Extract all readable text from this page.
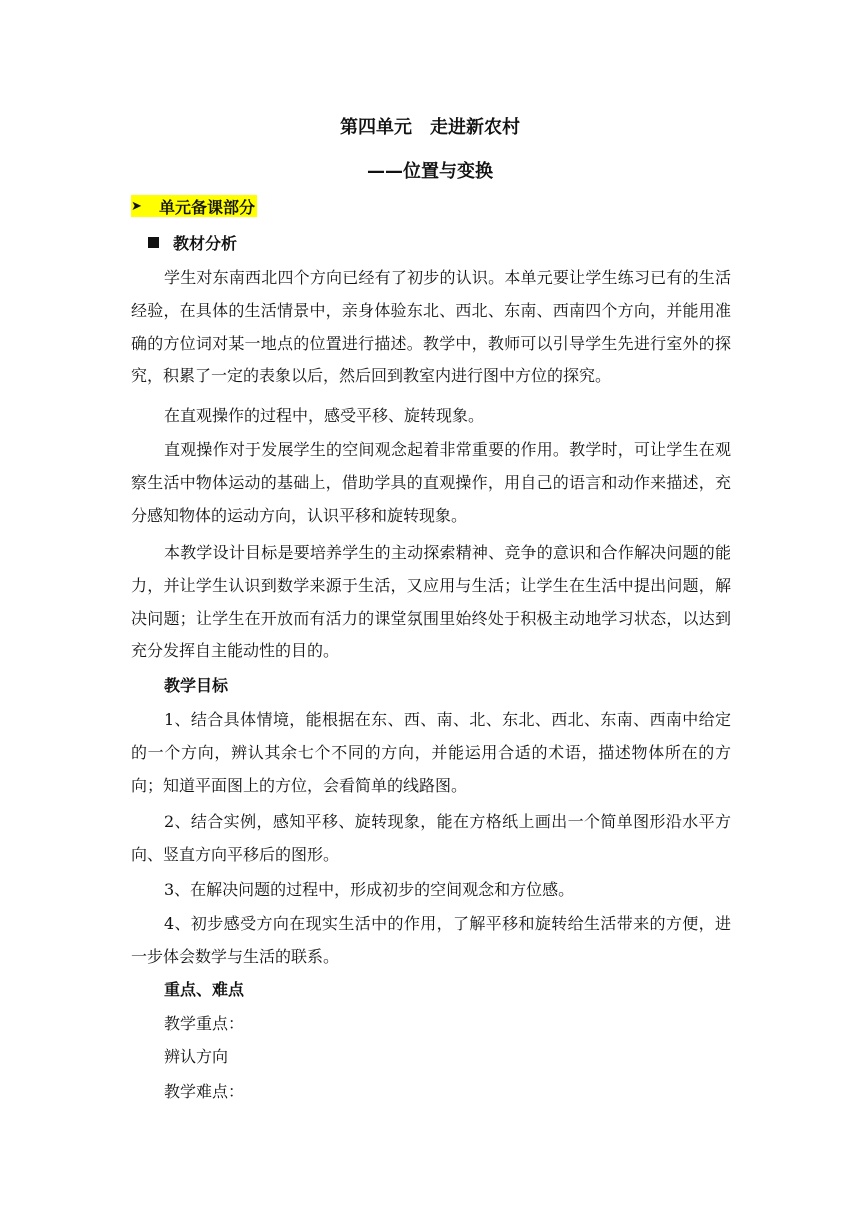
第四单元　走进新农村
——位置与变换
➤	单元备课部分
教材分析

学生对东南西北四个方向已经有了初步的认识。本单元要让学生练习已有的生活经验，在具体的生活情景中，亲身体验东北、西北、东南、西南四个方向，并能用准确的方位词对某一地点的位置进行描述。教学中，教师可以引导学生先进行室外的探究，积累了一定的表象以后，然后回到教室内进行图中方位的探究。

在直观操作的过程中，感受平移、旋转现象。

直观操作对于发展学生的空间观念起着非常重要的作用。教学时，可让学生在观察生活中物体运动的基础上，借助学具的直观操作，用自己的语言和动作来描述，充分感知物体的运动方向，认识平移和旋转现象。

本教学设计目标是要培养学生的主动探索精神、竞争的意识和合作解决问题的能力，并让学生认识到数学来源于生活，又应用与生活；让学生在生活中提出问题，解决问题；让学生在开放而有活力的课堂氛围里始终处于积极主动地学习状态，以达到充分发挥自主能动性的目的。

教学目标

1、结合具体情境，能根据在东、西、南、北、东北、西北、东南、西南中给定的一个方向，辨认其余七个不同的方向，并能运用合适的术语，描述物体所在的方向；知道平面图上的方位，会看简单的线路图。

2、结合实例，感知平移、旋转现象，能在方格纸上画出一个简单图形沿水平方向、竖直方向平移后的图形。

3、在解决问题的过程中，形成初步的空间观念和方位感。

4、初步感受方向在现实生活中的作用，了解平移和旋转给生活带来的方便，进一步体会数学与生活的联系。

重点、难点
教学重点：
辨认方向
教学难点：
